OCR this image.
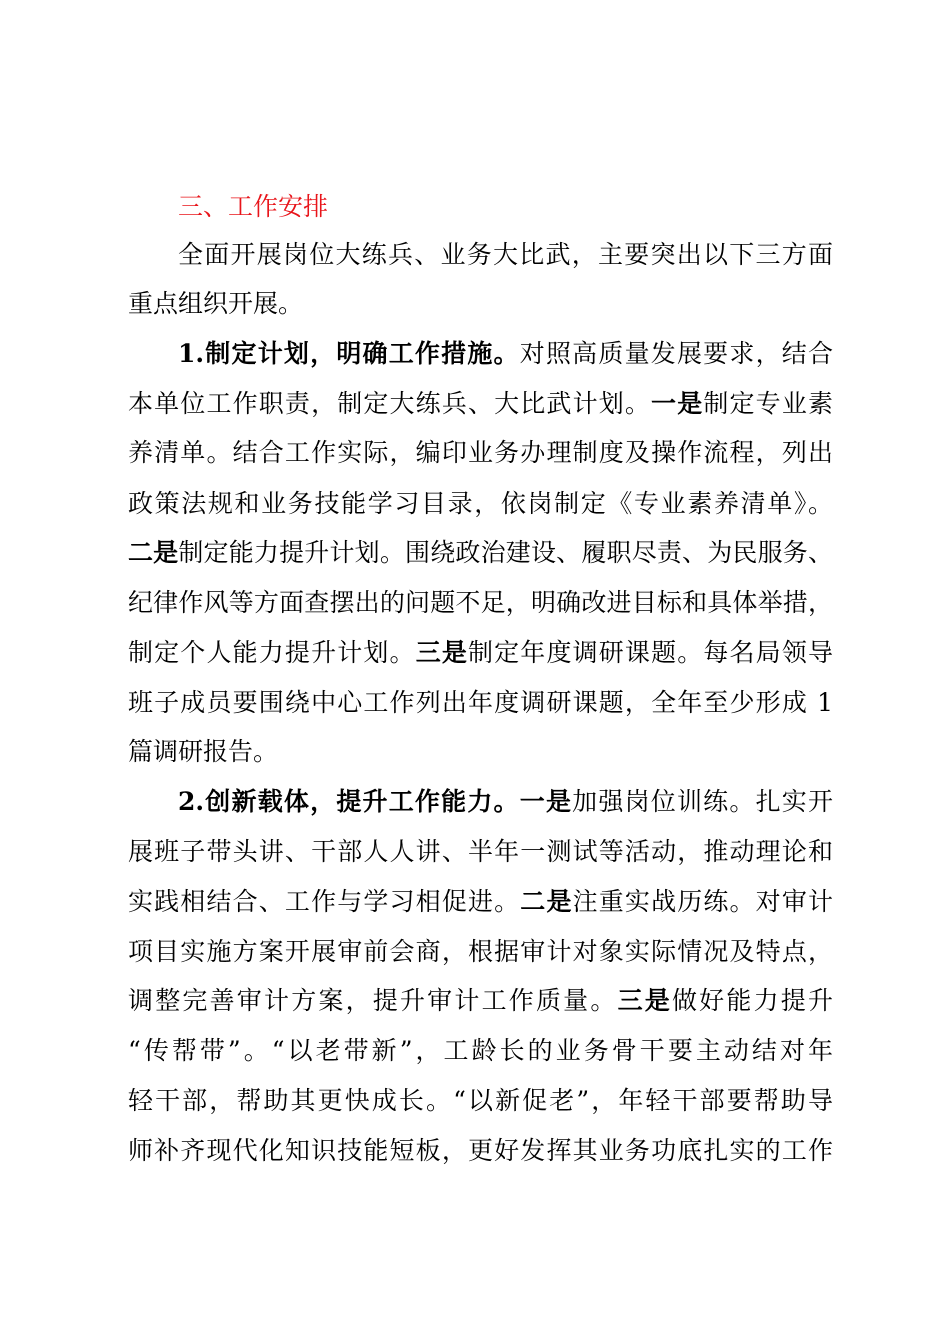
三、工作安排
全面开展岗位大练兵、业务大比武，主要突出以下三方面
重点组织开展。
1.制定计划，明确工作措施。对照高质量发展要求，结合
本单位工作职责，制定大练兵、大比武计划。一是制定专业素
养清单。结合工作实际，编印业务办理制度及操作流程，列出
政策法规和业务技能学习目录，依岗制定《专业素养清单》。
二是制定能力提升计划。围绕政治建设、履职尽责、为民服务、
纪律作风等方面查摆出的问题不足，明确改进目标和具体举措，
制定个人能力提升计划。三是制定年度调研课题。每名局领导
班子成员要围绕中心工作列出年度调研课题，全年至少形成 1
篇调研报告。
2.创新载体，提升工作能力。一是加强岗位训练。扎实开
展班子带头讲、干部人人讲、半年一测试等活动，推动理论和
实践相结合、工作与学习相促进。二是注重实战历练。对审计
项目实施方案开展审前会商，根据审计对象实际情况及特点，
调整完善审计方案，提升审计工作质量。三是做好能力提升
“传帮带”。“以老带新”，工龄长的业务骨干要主动结对年
轻干部，帮助其更快成长。“以新促老”，年轻干部要帮助导
师补齐现代化知识技能短板，更好发挥其业务功底扎实的工作
